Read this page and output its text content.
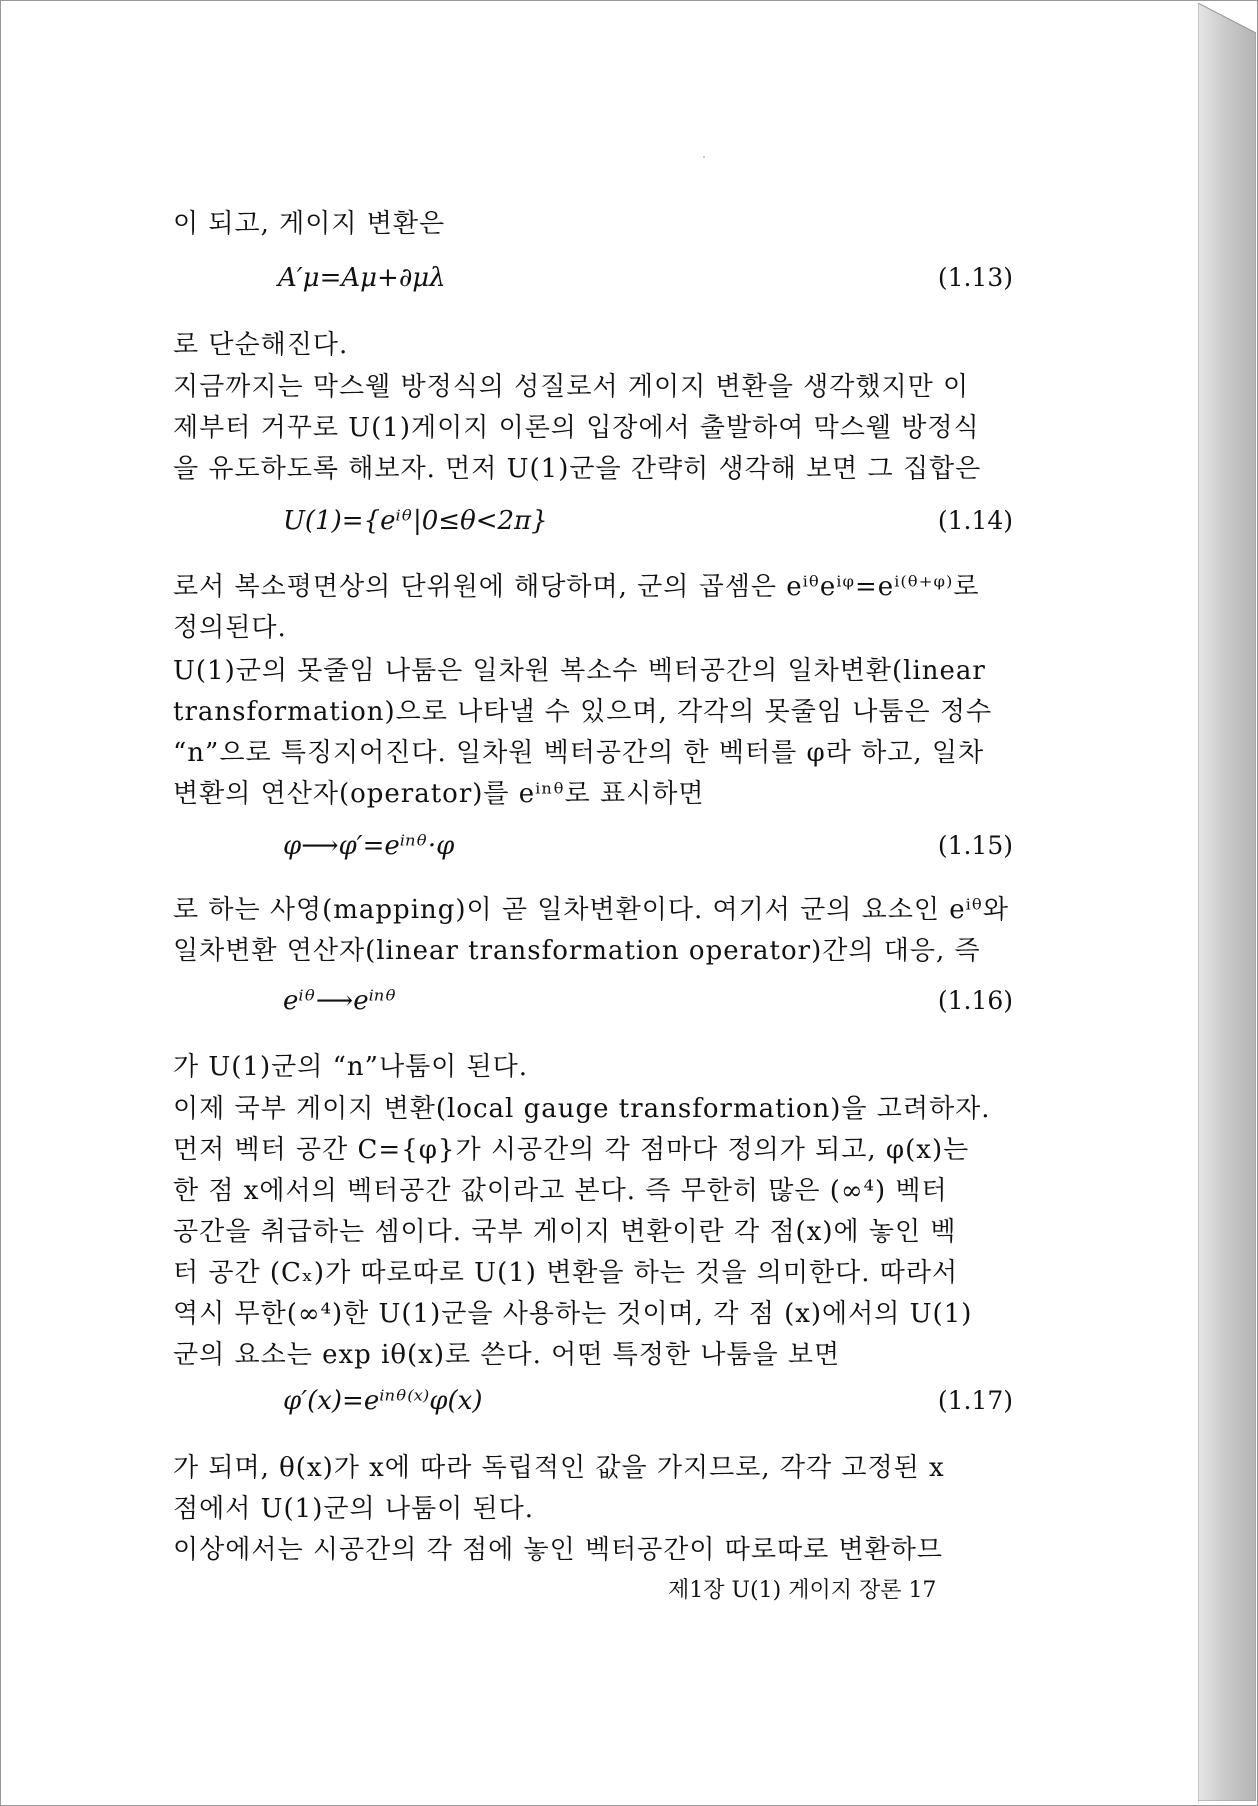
이 되고, 게이지 변환은
A′μ=Aμ+∂μλ	(1.13)
로 단순해진다.
지금까지는 막스웰 방정식의 성질로서 게이지 변환을 생각했지만 이
제부터 거꾸로 U(1)게이지 이론의 입장에서 출발하여 막스웰 방정식
을 유도하도록 해보자. 먼저 U(1)군을 간략히 생각해 보면 그 집합은
U(1)={eⁱᶿ|0≤θ<2π}	(1.14)
로서 복소평면상의 단위원에 해당하며, 군의 곱셈은 eⁱᶿeⁱᵠ=eⁱ⁽ᶿ⁺ᵠ⁾로
정의된다.
U(1)군의 못줄임 나툼은 일차원 복소수 벡터공간의 일차변환(linear
transformation)으로 나타낼 수 있으며, 각각의 못줄임 나툼은 정수
“n”으로 특징지어진다. 일차원 벡터공간의 한 벡터를 φ라 하고, 일차
변환의 연산자(operator)를 eⁱⁿᶿ로 표시하면
φ⟶φ′=eⁱⁿᶿ·φ	(1.15)
로 하는 사영(mapping)이 곧 일차변환이다. 여기서 군의 요소인 eⁱᶿ와
일차변환 연산자(linear transformation operator)간의 대응, 즉
eⁱᶿ⟶eⁱⁿᶿ	(1.16)
가 U(1)군의 “n”나툼이 된다.
이제 국부 게이지 변환(local gauge transformation)을 고려하자.
먼저 벡터 공간 C={φ}가 시공간의 각 점마다 정의가 되고, φ(x)는
한 점 x에서의 벡터공간 값이라고 본다. 즉 무한히 많은 (∞⁴) 벡터
공간을 취급하는 셈이다. 국부 게이지 변환이란 각 점(x)에 놓인 벡
터 공간 (Cₓ)가 따로따로 U(1) 변환을 하는 것을 의미한다. 따라서
역시 무한(∞⁴)한 U(1)군을 사용하는 것이며, 각 점 (x)에서의 U(1)
군의 요소는 exp iθ(x)로 쓴다. 어떤 특정한 나툼을 보면
φ′(x)=eⁱⁿᶿ⁽ˣ⁾φ(x)	(1.17)
가 되며, θ(x)가 x에 따라 독립적인 값을 가지므로, 각각 고정된 x
점에서 U(1)군의 나툼이 된다.
이상에서는 시공간의 각 점에 놓인 벡터공간이 따로따로 변환하므
제1장 U(1) 게이지 장론 17
